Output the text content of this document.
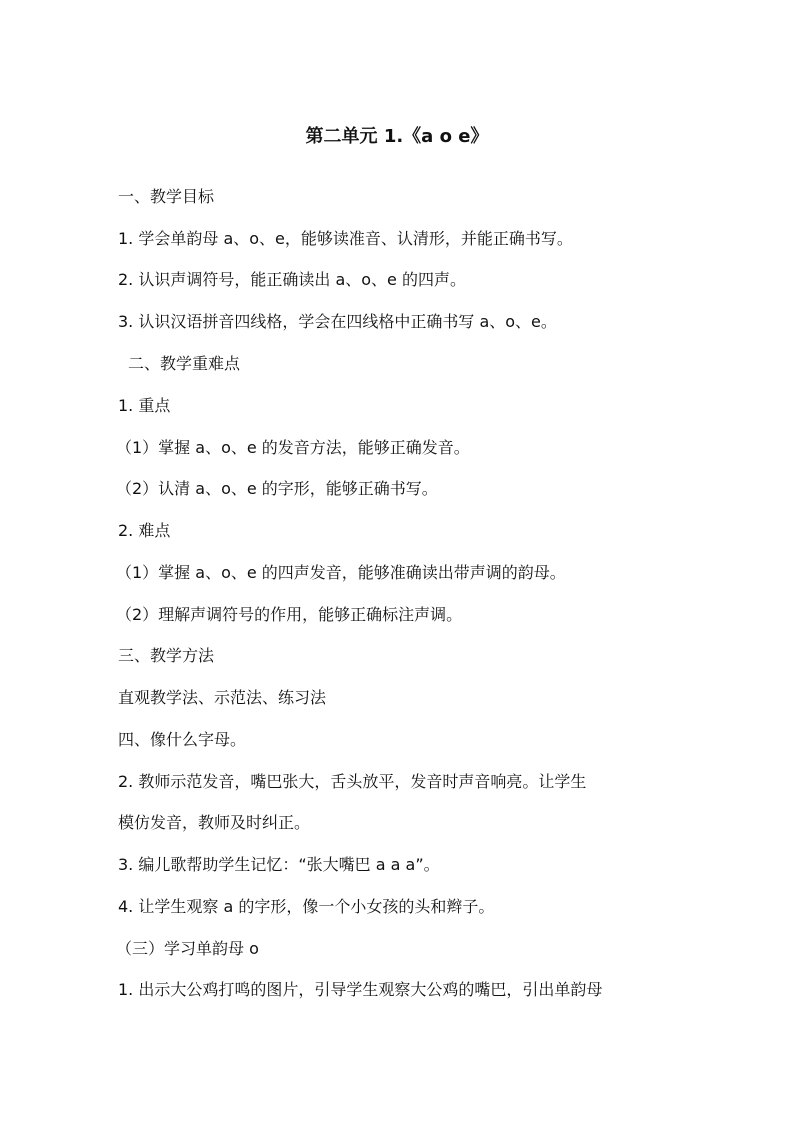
第二单元 1.《a o e》
一、教学目标
1. 学会单韵母 a、o、e，能够读准音、认清形，并能正确书写。
2. 认识声调符号，能正确读出 a、o、e 的四声。
3. 认识汉语拼音四线格，学会在四线格中正确书写 a、o、e。
二、教学重难点
1. 重点
（1）掌握 a、o、e 的发音方法，能够正确发音。
（2）认清 a、o、e 的字形，能够正确书写。
2. 难点
（1）掌握 a、o、e 的四声发音，能够准确读出带声调的韵母。
（2）理解声调符号的作用，能够正确标注声调。
三、教学方法
直观教学法、示范法、练习法
四、像什么字母。
2. 教师示范发音，嘴巴张大，舌头放平，发音时声音响亮。让学生
模仿发音，教师及时纠正。
3. 编儿歌帮助学生记忆：“张大嘴巴 a a a”。
4. 让学生观察 a 的字形，像一个小女孩的头和辫子。
（三）学习单韵母 o
1. 出示大公鸡打鸣的图片，引导学生观察大公鸡的嘴巴，引出单韵母
